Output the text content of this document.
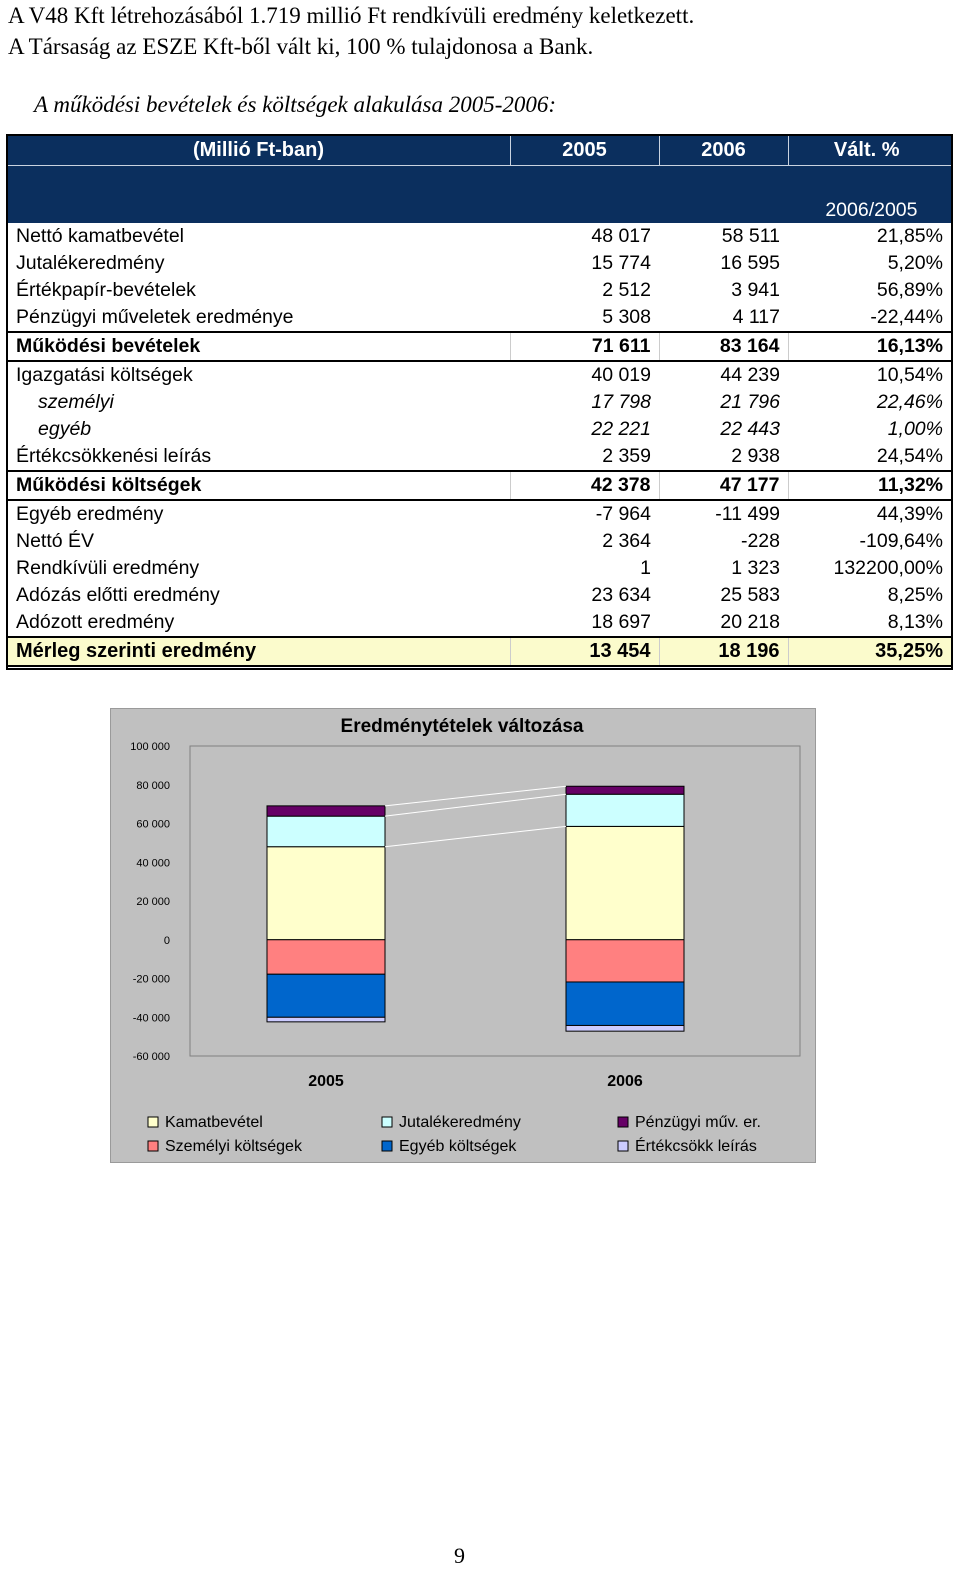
A V48 Kft létrehozásából 1.719 millió Ft rendkívüli eredmény keletkezett.
A Társaság az ESZE Kft-ből vált ki, 100 % tulajdonosa a Bank.
A működési bevételek és költségek alakulása 2005-2006:
(Millió Ft-ban)	2005	2006	Vált. %
			2006/2005
Nettó kamatbevétel	48 017	58 511	21,85%
Jutalékeredmény	15 774	16 595	5,20%
Értékpapír-bevételek	2 512	3 941	56,89%
Pénzügyi műveletek eredménye	5 308	4 117	-22,44%
Működési bevételek	71 611	83 164	16,13%
Igazgatási költségek	40 019	44 239	10,54%
személyi	17 798	21 796	22,46%
egyéb	22 221	22 443	1,00%
Értékcsökkenési leírás	2 359	2 938	24,54%
Működési költségek	42 378	47 177	11,32%
Egyéb eredmény	-7 964	-11 499	44,39%
Nettó ÉV	2 364	-228	-109,64%
Rendkívüli eredmény	1	1 323	132200,00%
Adózás előtti eredmény	23 634	25 583	8,25%
Adózott eredmény	18 697	20 218	8,13%
Mérleg szerinti eredmény	13 454	18 196	35,25%
100 000
80 000
60 000
40 000
20 000
0
-20 000
-40 000
-60 000
2005	2006
Eredménytételek változása
Kamatbevétel	Jutalékeredmény	Pénzügyi műv. er.
Személyi költségek	Egyéb költségek	Értékcsökk leírás
9
